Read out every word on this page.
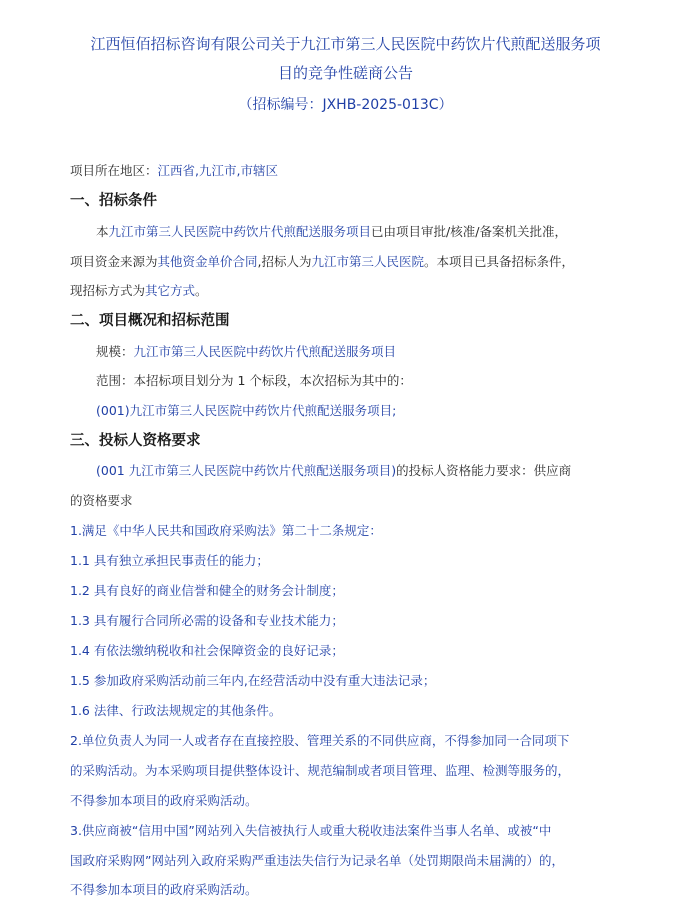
江西恒佰招标咨询有限公司关于九江市第三人民医院中药饮片代煎配送服务项
目的竞争性磋商公告
（招标编号：JXHB-2025-013C）
项目所在地区：江西省,九江市,市辖区
一、招标条件
本九江市第三人民医院中药饮片代煎配送服务项目已由项目审批/核准/备案机关批准，
项目资金来源为其他资金单价合同,招标人为九江市第三人民医院。本项目已具备招标条件，
现招标方式为其它方式。
二、项目概况和招标范围
规模：九江市第三人民医院中药饮片代煎配送服务项目
范围：本招标项目划分为 1 个标段，本次招标为其中的：
(001)九江市第三人民医院中药饮片代煎配送服务项目;
三、投标人资格要求
(001 九江市第三人民医院中药饮片代煎配送服务项目)的投标人资格能力要求：供应商
的资格要求
1.满足《中华人民共和国政府采购法》第二十二条规定：
1.1 具有独立承担民事责任的能力；
1.2 具有良好的商业信誉和健全的财务会计制度；
1.3 具有履行合同所必需的设备和专业技术能力；
1.4 有依法缴纳税收和社会保障资金的良好记录；
1.5 参加政府采购活动前三年内,在经营活动中没有重大违法记录；
1.6 法律、行政法规规定的其他条件。
2.单位负责人为同一人或者存在直接控股、管理关系的不同供应商，不得参加同一合同项下
的采购活动。为本采购项目提供整体设计、规范编制或者项目管理、监理、检测等服务的，
不得参加本项目的政府采购活动。
3.供应商被“信用中国”网站列入失信被执行人或重大税收违法案件当事人名单、或被“中
国政府采购网”网站列入政府采购严重违法失信行为记录名单（处罚期限尚未届满的）的，
不得参加本项目的政府采购活动。
